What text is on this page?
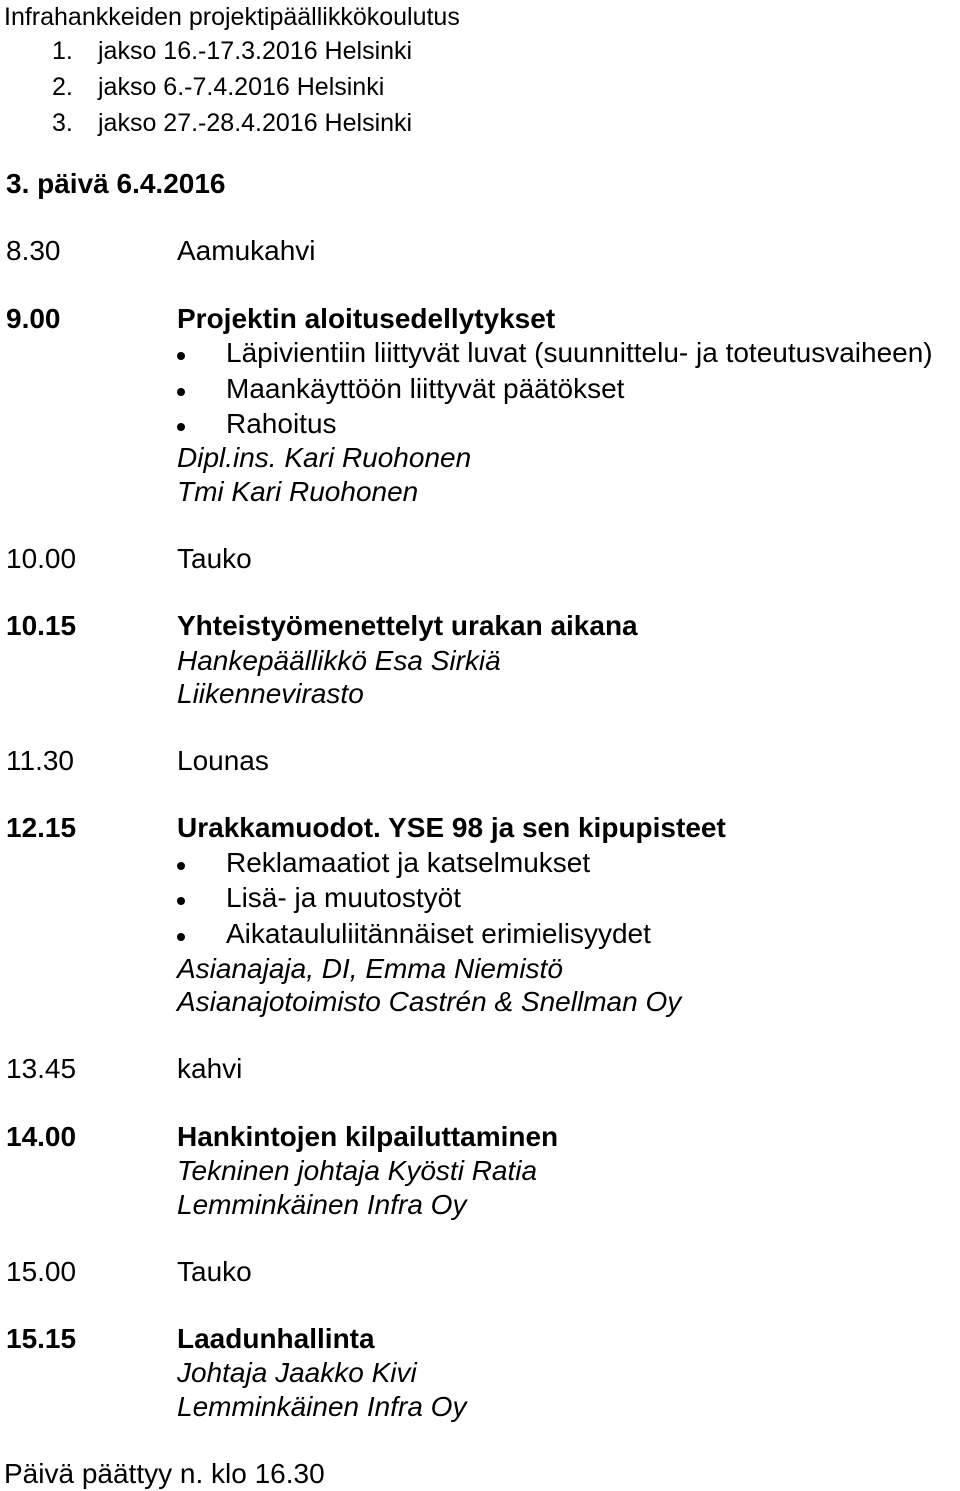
Infrahankkeiden projektipäällikkökoulutus
1. jakso 16.-17.3.2016 Helsinki
2. jakso 6.-7.4.2016 Helsinki
3. jakso 27.-28.4.2016 Helsinki
3. päivä 6.4.2016
8.30	Aamukahvi
9.00	Projektin aloitusedellytykset
Läpivientiin liittyvät luvat (suunnittelu- ja toteutusvaiheen)
Maankäyttöön liittyvät päätökset
Rahoitus
Dipl.ins. Kari Ruohonen
Tmi Kari Ruohonen
10.00	Tauko
10.15	Yhteistyömenettelyt urakan aikana
Hankepäällikkö Esa Sirkiä
Liikennevirasto
11.30	Lounas
12.15	Urakkamuodot. YSE 98 ja sen kipupisteet
Reklamaatiot ja katselmukset
Lisä- ja muutostyöt
Aikataululiitännäiset erimielisyydet
Asianajaja, DI, Emma Niemistö
Asianajotoimisto Castrén & Snellman Oy
13.45	kahvi
14.00	Hankintojen kilpailuttaminen
Tekninen johtaja Kyösti Ratia
Lemminkäinen Infra Oy
15.00	Tauko
15.15	Laadunhallinta
Johtaja Jaakko Kivi
Lemminkäinen Infra Oy
Päivä päättyy n. klo 16.30
